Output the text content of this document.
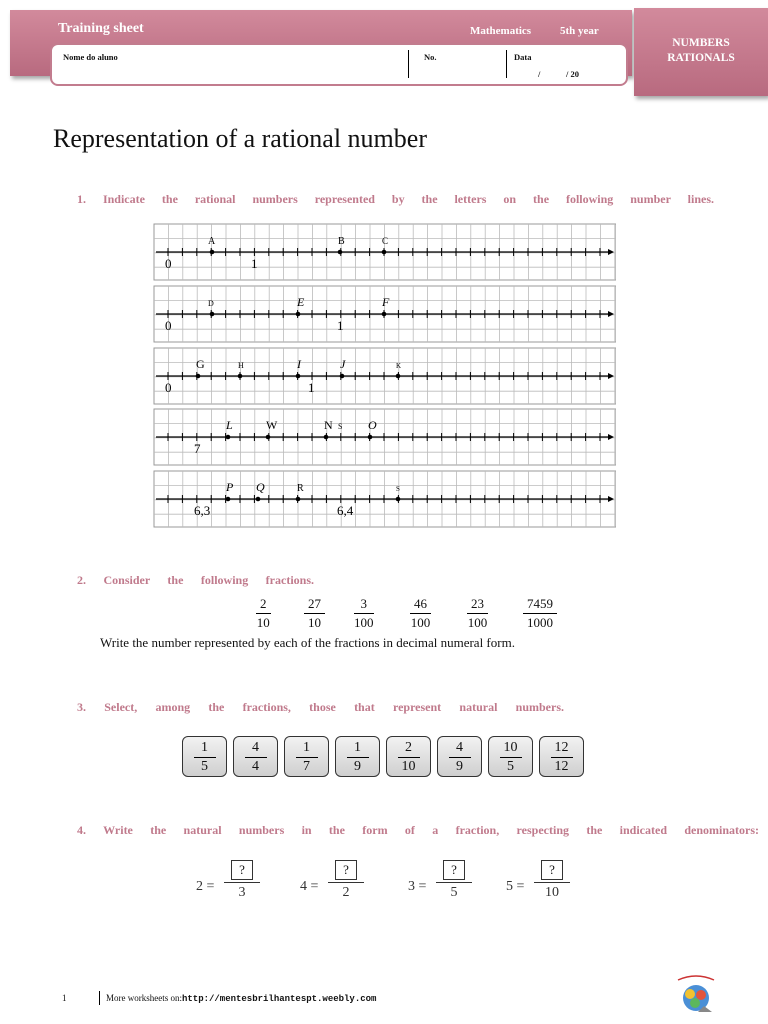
Training sheet	Mathematics	5th year
NUMBERS
RATIONALS
Nome do aluno	No.	Data
/	/ 20
Representation of a rational number
1. Indicate the rational numbers represented by the letters on the following number lines.
A	B	C
0	1
D	E	F
0	1
G	H	I	J	K
0	1
L	W	N S O
7
P Q	R	S
6,3	6,4
2. Consider the following fractions.
2
10
27
10
3
100
46
100
23
100
7459
1000
Write the number represented by each of the fractions in decimal numeral form.
3. Select, among the fractions, those that represent natural numbers.
1
5
4
4
1
7
1
9
2
10
4
9
10
5
12
12
4. Write the natural numbers in the form of a fraction, respecting the indicated denominators:
2 =
?
3	4 =
?
2	3 =
?
5	5 =
?
10
1	More worksheets on:http://mentesbrilhantespt.weebly.com
